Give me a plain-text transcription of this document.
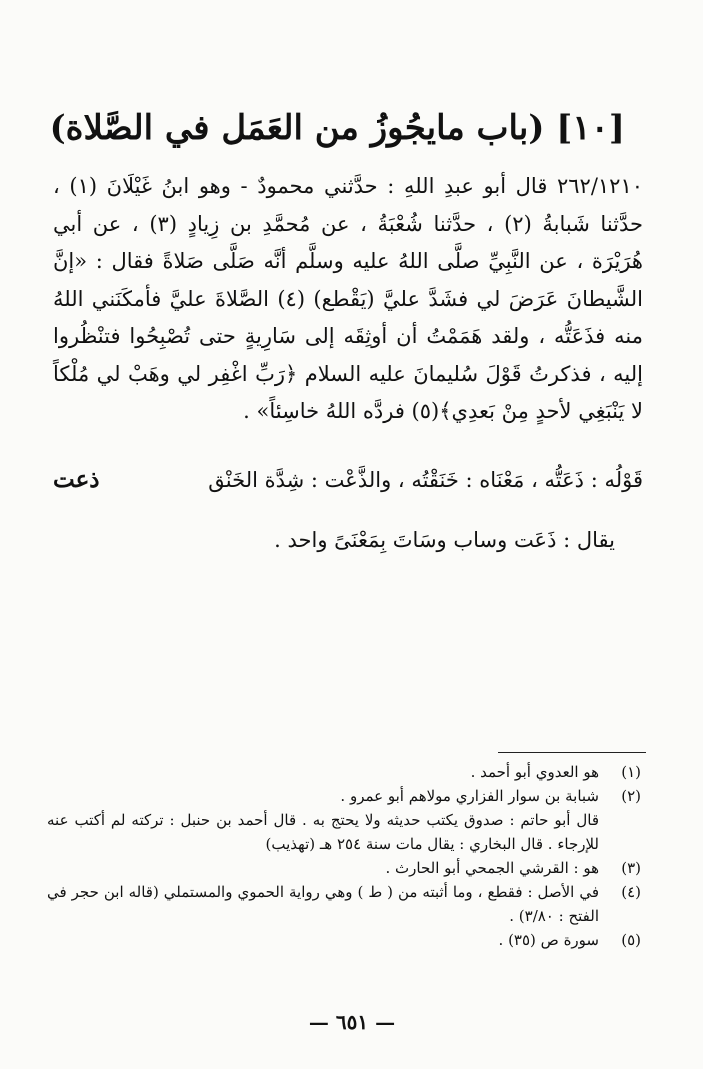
[١٠] (باب مايجُوزُ من العَمَل في الصَّلاة)

٢٦٢/١٢١٠ قال أبو عبدِ اللهِ : حدَّثني محمودٌ - وهو ابنُ غَيْلَانَ (١) ، حدَّثنا شَبابةُ (٢) ، حدَّثنا شُعْبَةُ ، عن مُحمَّدِ بن زِيادٍ (٣) ، عن أبي هُرَيْرَة ، عن النَّبِيِّ صلَّى اللهُ عليه وسلَّم أنَّه صَلَّى صَلاةً فقال : «إنَّ الشَّيطانَ عَرَضَ لي فشَدَّ عليَّ (يَقْطع) (٤) الصَّلاةَ عليَّ فأمكَنَني اللهُ منه فذَعَتُّه ، ولقد هَمَمْتُ أن أوثِقَه إلى سَارِيةٍ حتى تُصْبِحُوا فتنْظُروا إليه ، فذكرتُ قَوْلَ سُليمانَ عليه السلام ﴿رَبِّ اغْفِر لي وهَبْ لي مُلْكاً لا يَنْبَغِي لأحدٍ مِنْ بَعدِي﴾(٥) فردَّه اللهُ خاسِئاً» .

قَوْلُه : ذَعَتُّه ، مَعْنَاه : خَنَقْتُه ، والذَّعْت : شِدَّة الخَنْق
ذعت
يقال : ذَعَت وساب وسَاتَ بِمَعْنَىً واحد .
(١)
هو العدوي أبو أحمد .
(٢)
شبابة بن سوار الفزاري مولاهم أبو عمرو .
قال أبو حاتم : صدوق يكتب حديثه ولا يحتج به . قال أحمد بن حنبل : تركته لم أكتب عنه للإرجاء . قال البخاري : يقال مات سنة ٢٥٤ هـ (تهذيب)
(٣)
هو : القرشي الجمحي أبو الحارث .
(٤)
في الأصل : فقطع ، وما أثبته من ( ط ) وهي رواية الحموي والمستملي (قاله ابن حجر في الفتح : ٣/٨٠) .
(٥)
سورة ص (٣٥) .
— ٦٥١ —
